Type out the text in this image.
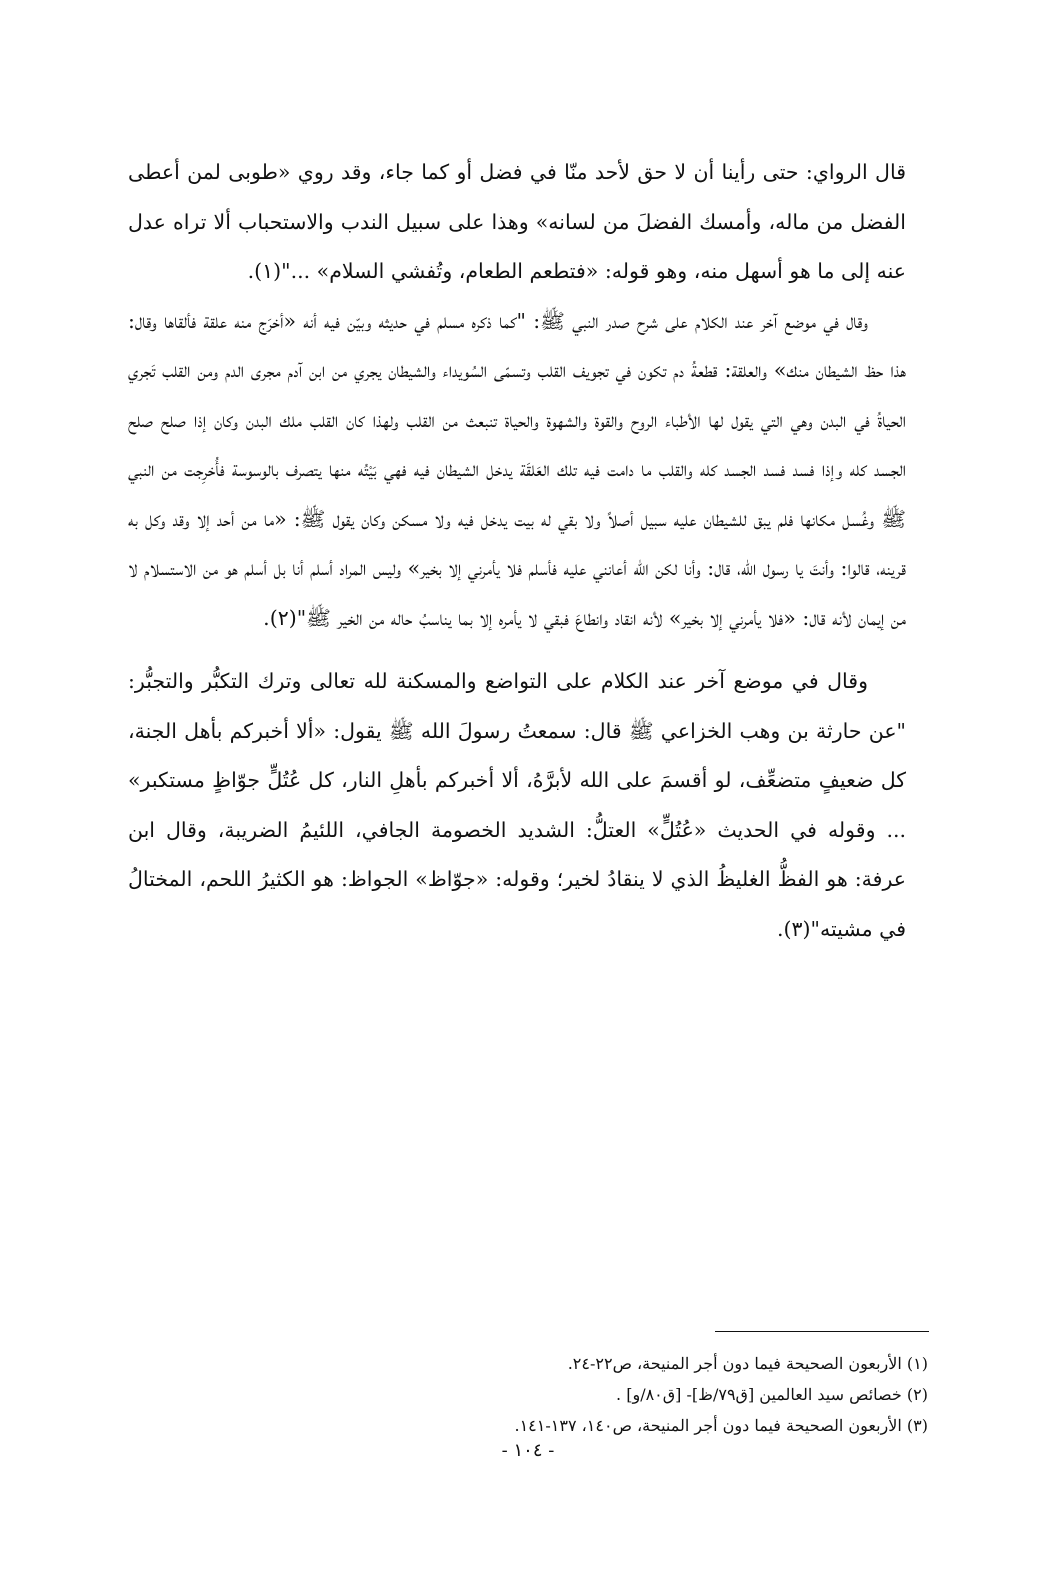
قال الرواي: حتى رأينا أن لا حق لأحد منّا في فضل أو كما جاء، وقد روي «طوبى لمن أعطى الفضل من ماله، وأمسك الفضلَ من لسانه» وهذا على سبيل الندب والاستحباب ألا تراه عدل عنه إلى ما هو أسهل منه، وهو قوله: «فتطعم الطعام، وتُفشي السلام» ..."(١).

وقال في موضع آخر عند الكلام على شرح صدر النبي ﷺ: "كما ذكره مسلم في حديثه وبيّن فيه أنه «أخرَج منه علقة فألقاها وقال: هذا حظ الشيطان منك» والعلقة: قطعةُ دم تكون في تجويف القلب وتسمّى السُويداء والشيطان يجري من ابن آدم مجرى الدم ومن القلب تَجري الحياةُ في البدن وهي التي يقول لها الأطباء الروح والقوة والشهوة والحياة تنبعث من القلب ولهذا كان القلب ملك البدن وكان إذا صلح صلح الجسد كله وإذا فسد فسد الجسد كله والقلب ما دامت فيه تلك العَلقَة يدخل الشيطان فيه فهي بَيْتُه منها يتصرف بالوسوسة فأُخرِجت من النبي ﷺ وغُسل مكانها فلم يبق للشيطان عليه سبيل أصلاً ولا بقي له بيت يدخل فيه ولا مسكن وكان يقول ﷺ: «ما من أحد إلا وقد وكل به قرينه، قالوا: وأنتَ يا رسول الله، قال: وأنا لكن الله أعانني عليه فأسلم فلا يأمرني إلا بخير» وليس المراد أسلم أنا بل أسلم هو من الاستسلام لا من إيمان لأنه قال: «فلا يأمرني إلا بخير» لأنه انقاد وانطاعَ فبقي لا يأمره إلا بما يناسبُ حاله من الخير ﷺ"(٢).

وقال في موضع آخر عند الكلام على التواضع والمسكنة لله تعالى وترك التكبُّر والتجبُّر: "عن حارثة بن وهب الخزاعي ﷺ قال: سمعتُ رسولَ الله ﷺ يقول: «ألا أخبركم بأهل الجنة، كل ضعيفٍ متضعِّف، لو أقسمَ على الله لأبرَّهُ، ألا أخبركم بأهلِ النار، كل عُتُلٍّ جوّاظٍ مستكبر» ... وقوله في الحديث «عُتُلٍّ» العتلُّ: الشديد الخصومة الجافي، اللئيمُ الضريبة، وقال ابن عرفة: هو الفظُّ الغليظُ الذي لا ينقادُ لخير؛ وقوله: «جوّاظ» الجواظ: هو الكثيرُ اللحم، المختالُ في مشيته"(٣).

(١) الأربعون الصحيحة فيما دون أجر المنيحة، ص٢٢-٢٤.

(٢) خصائص سيد العالمين [ق٧٩/ظ]- [ق٨٠/و] .

(٣) الأربعون الصحيحة فيما دون أجر المنيحة، ص١٤٠، ١٣٧-١٤١.

- ١٠٤ -
